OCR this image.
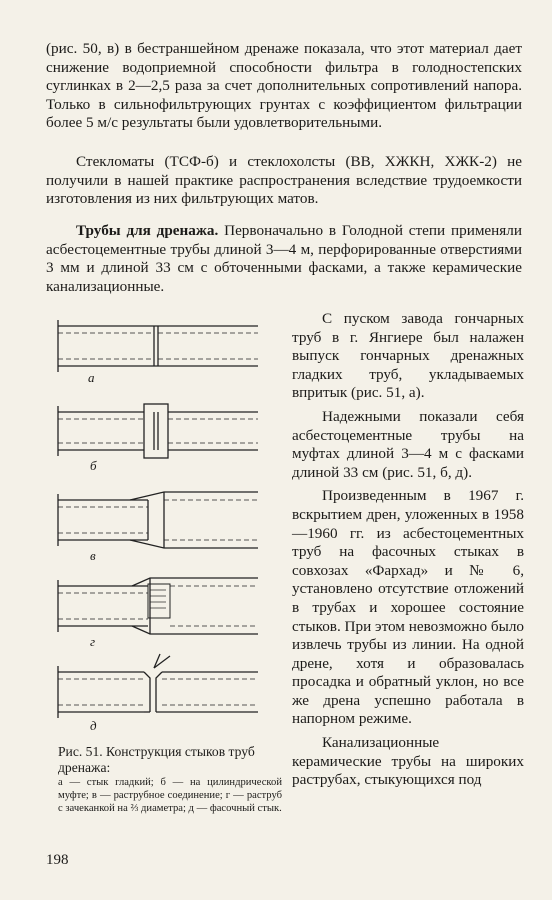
(рис. 50, в) в бестраншейном дренаже показала, что этот материал дает снижение водоприемной способности фильтра в голодностепских суглинках в 2—2,5 раза за счет дополнительных сопротивлений напора. Только в сильнофильтрующих грунтах с коэффициентом фильтрации более 5 м/с результаты были удовлетворительными.

Стекломаты (ТСФ-б) и стеклохолсты (ВВ, ХЖКН, ХЖК-2) не получили в нашей практике распространения вследствие трудоемкости изготовления из них фильтрующих матов.

Трубы для дренажа. Первоначально в Голодной степи применяли асбестоцементные трубы длиной 3—4 м, перфорированные отверстиями 3 мм и длиной 33 см с обточенными фасками, а также керамические канализационные.

а
б
в
г
д

Рис. 51. Конструкция стыков труб дренажа:

а — стык гладкий; б — на цилиндрической муфте; в — раструбное соединение; г — раструб с зачеканкой на ⅔ диаметра; д — фасочный стык.

С пуском завода гончарных труб в г. Янгиере был налажен выпуск гончарных дренажных гладких труб, укладываемых впритык (рис. 51, а).

Надежными показали себя асбестоцементные трубы на муфтах длиной 3—4 м с фасками длиной 33 см (рис. 51, б, д).

Произведенным в 1967 г. вскрытием дрен, уложенных в 1958—1960 гг. из асбестоцементных труб на фасочных стыках в совхозах «Фархад» и № 6, установлено отсутствие отложений в трубах и хорошее состояние стыков. При этом невозможно было извлечь трубы из линии. На одной дрене, хотя и образовалась просадка и обратный уклон, но все же дрена успешно работала в напорном режиме.

Канализационные керамические трубы на широких раструбах, стыкующихся под

198
